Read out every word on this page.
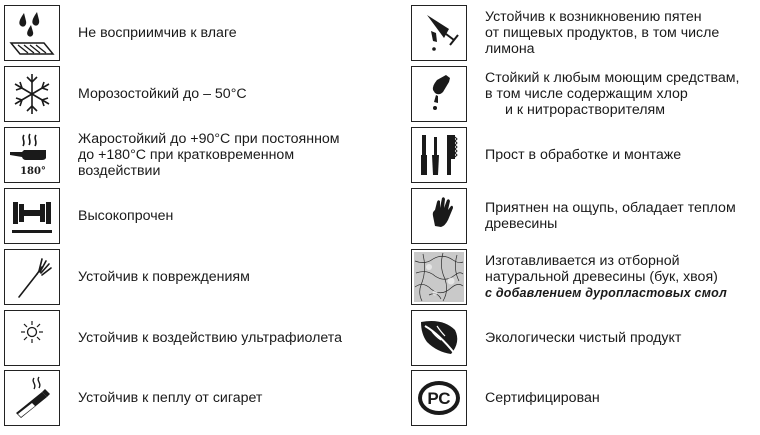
Не восприимчив к влаге
Морозостойкий до – 50°С
180°
Жаростойкий до +90°С при постоянном
до +180°С при кратковременном
воздействии
Высокопрочен
Устойчив к повреждениям
Устойчив к воздействию ультрафиолета
Устойчив к пеплу от сигарет
Устойчив к возникновению пятен
от пищевых продуктов, в том числе
лимона
Стойкий к любым моющим средствам,
в том числе содержащим хлор
и к нитрорастворителям
Прост в обработке и монтаже
Приятнен на ощупь, обладает теплом
древесины
Изготавливается из отборной
натуральной древесины (бук, хвоя)
с добавлением дуропластовых смол
Экологически чистый продукт
РС Сертифицирован
